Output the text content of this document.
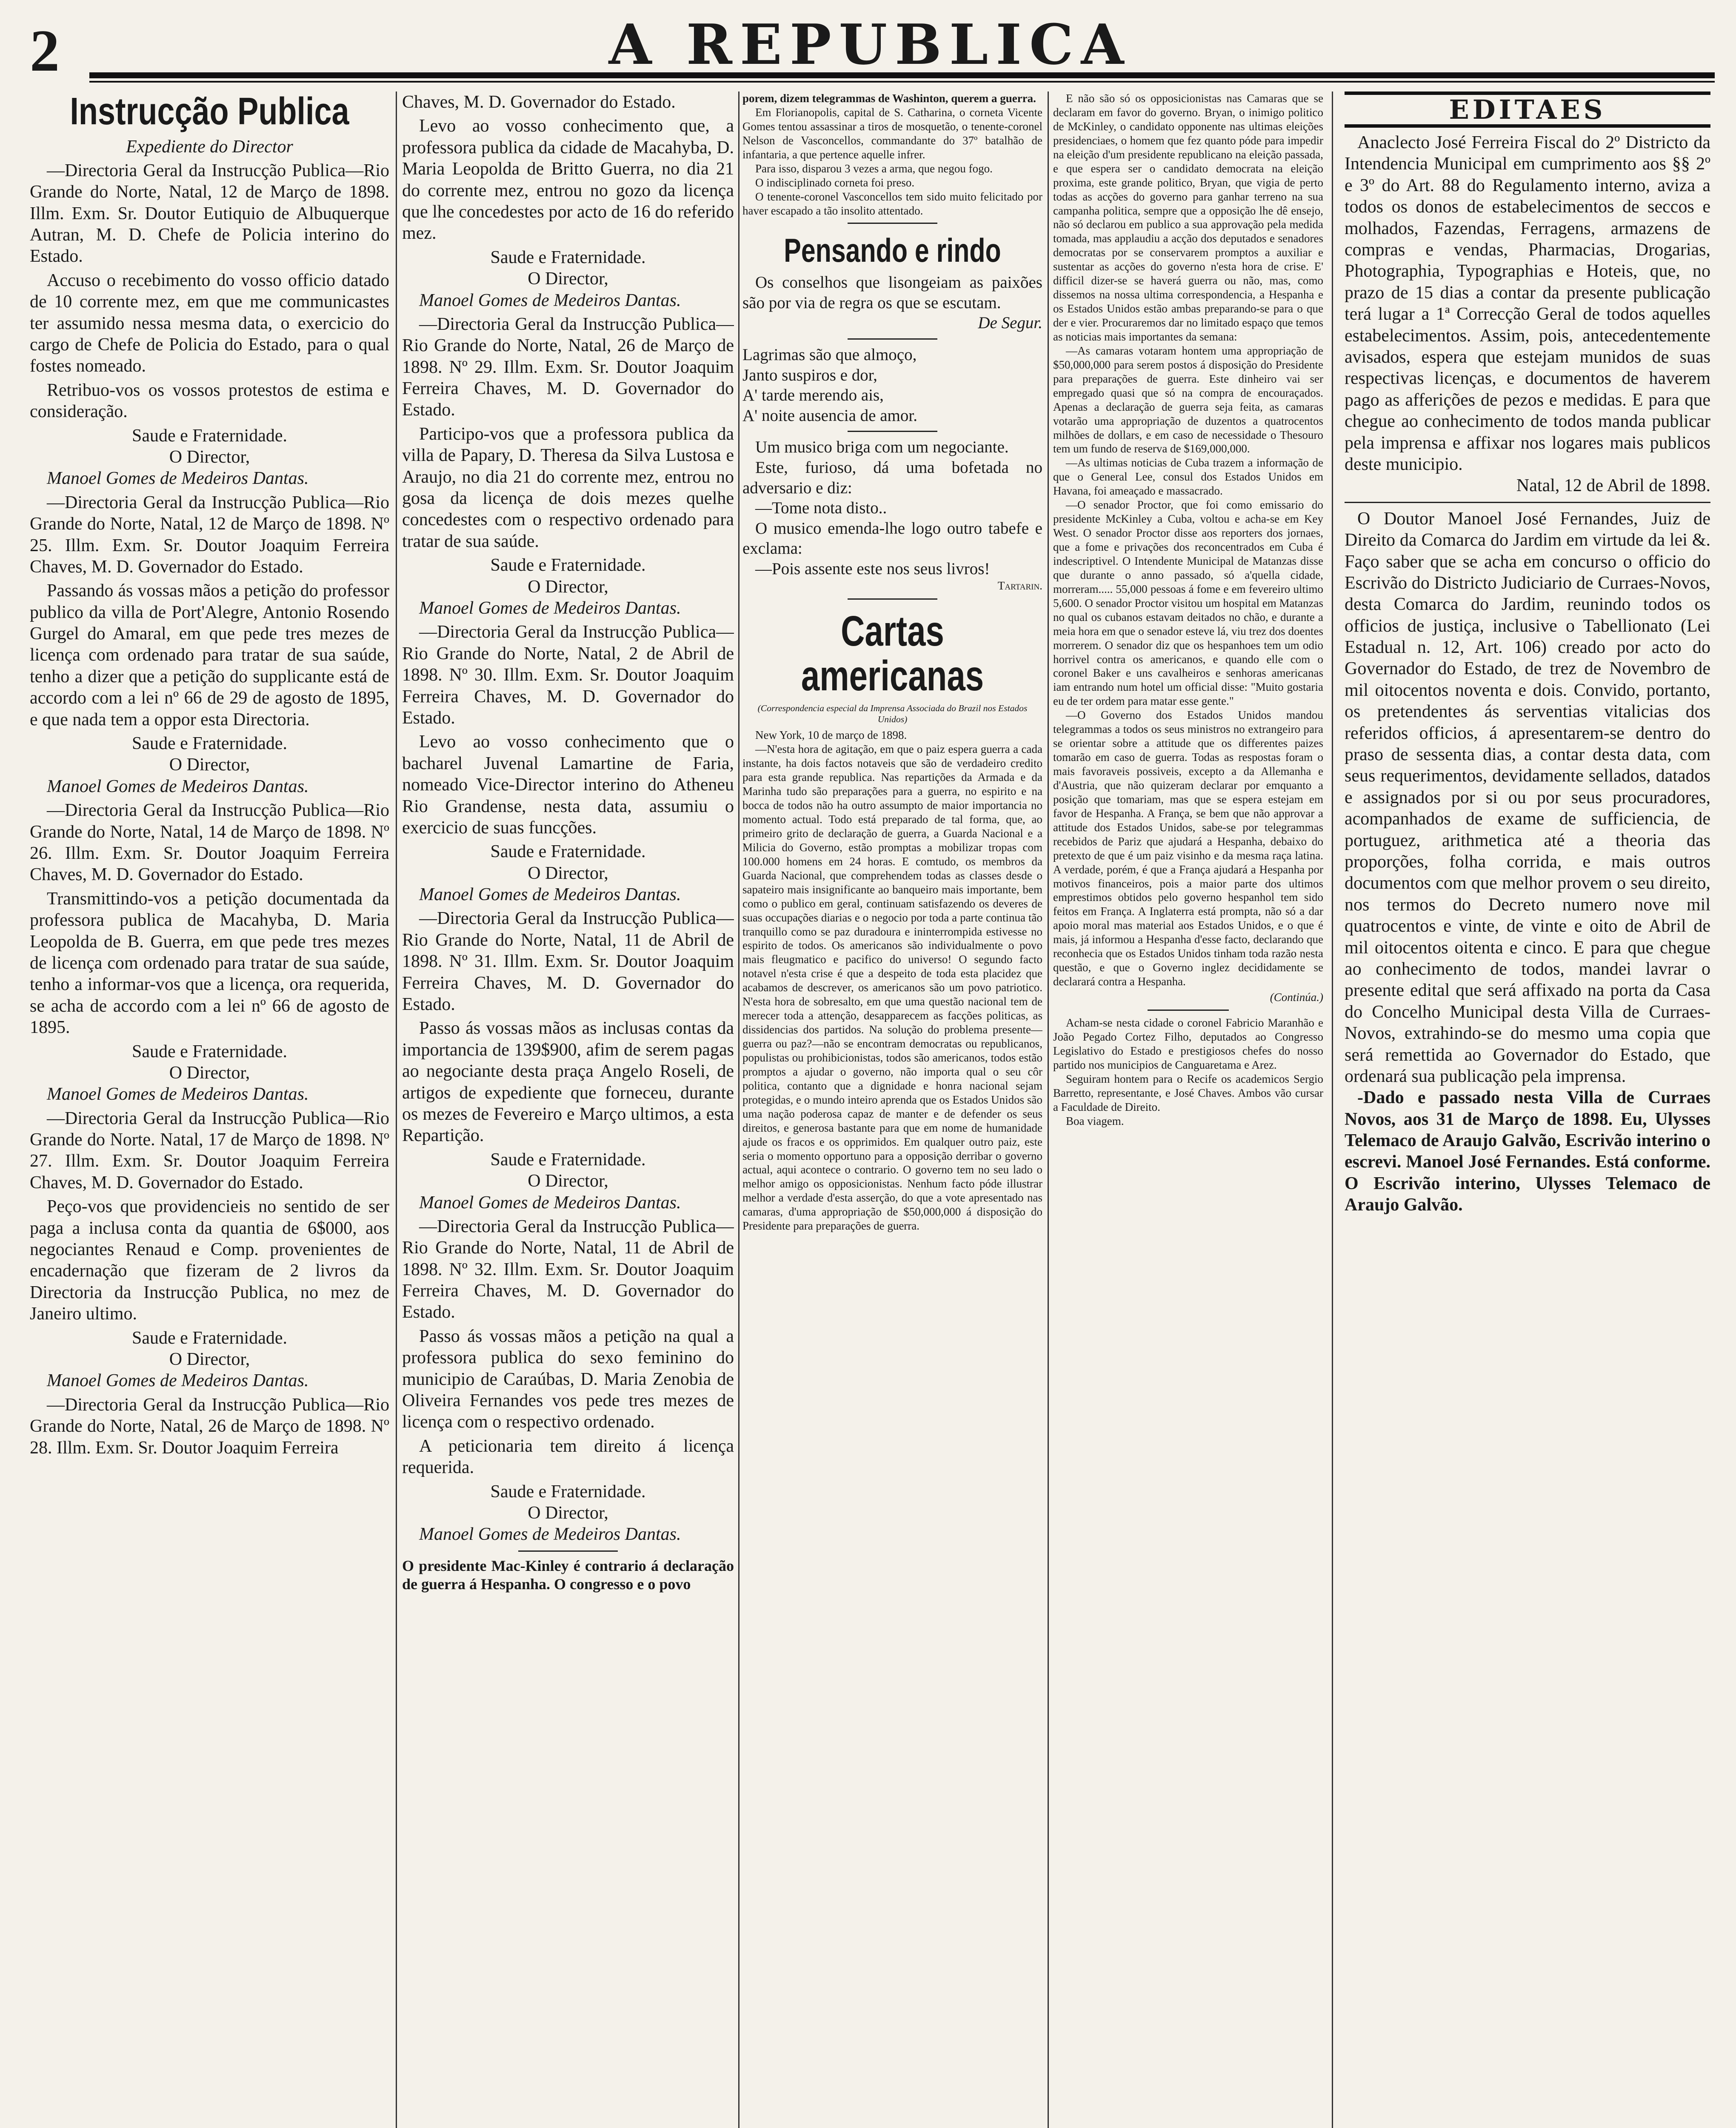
2	A REPUBLICA
Instrucção Publica

Expediente do Director

—Directoria Geral da Instrucção Publica—Rio Grande do Norte, Natal, 12 de Março de 1898. Illm. Exm. Sr. Doutor Eutiquio de Albuquerque Autran, M. D. Chefe de Policia interino do Estado.

Accuso o recebimento do vosso officio datado de 10 corrente mez, em que me communicastes ter assumido nessa mesma data, o exercicio do cargo de Chefe de Policia do Estado, para o qual fostes nomeado.

Retribuo-vos os vossos protestos de estima e consideração.

Saude e Fraternidade.

O Director,

Manoel Gomes de Medeiros Dantas.

—Directoria Geral da Instrucção Publica—Rio Grande do Norte, Natal, 12 de Março de 1898. Nº 25. Illm. Exm. Sr. Doutor Joaquim Ferreira Chaves, M. D. Governador do Estado.

Passando ás vossas mãos a petição do professor publico da villa de Port'Alegre, Antonio Rosendo Gurgel do Amaral, em que pede tres mezes de licença com ordenado para tratar de sua saúde, tenho a dizer que a petição do supplicante está de accordo com a lei nº 66 de 29 de agosto de 1895, e que nada tem a oppor esta Directoria.

Saude e Fraternidade.

O Director,

Manoel Gomes de Medeiros Dantas.

—Directoria Geral da Instrucção Publica—Rio Grande do Norte, Natal, 14 de Março de 1898. Nº 26. Illm. Exm. Sr. Doutor Joaquim Ferreira Chaves, M. D. Governador do Estado.

Transmittindo-vos a petição documentada da professora publica de Macahyba, D. Maria Leopolda de B. Guerra, em que pede tres mezes de licença com ordenado para tratar de sua saúde, tenho a informar-vos que a licença, ora requerida, se acha de accordo com a lei nº 66 de agosto de 1895.

Saude e Fraternidade.

O Director,

Manoel Gomes de Medeiros Dantas.

—Directoria Geral da Instrucção Publica—Rio Grande do Norte. Natal, 17 de Março de 1898. Nº 27. Illm. Exm. Sr. Doutor Joaquim Ferreira Chaves, M. D. Governador do Estado.

Peço-vos que providencieis no sentido de ser paga a inclusa conta da quantia de 6$000, aos negociantes Renaud e Comp. provenientes de encadernação que fizeram de 2 livros da Directoria da Instrucção Publica, no mez de Janeiro ultimo.

Saude e Fraternidade.

O Director,

Manoel Gomes de Medeiros Dantas.

—Directoria Geral da Instrucção Publica—Rio Grande do Norte, Natal, 26 de Março de 1898. Nº 28. Illm. Exm. Sr. Doutor Joaquim Ferreira

Chaves, M. D. Governador do Estado.

Levo ao vosso conhecimento que, a professora publica da cidade de Macahyba, D. Maria Leopolda de Britto Guerra, no dia 21 do corrente mez, entrou no gozo da licença que lhe concedestes por acto de 16 do referido mez.

Saude e Fraternidade.

O Director,

Manoel Gomes de Medeiros Dantas.

—Directoria Geral da Instrucção Publica—Rio Grande do Norte, Natal, 26 de Março de 1898. Nº 29. Illm. Exm. Sr. Doutor Joaquim Ferreira Chaves, M. D. Governador do Estado.

Participo-vos que a professora publica da villa de Papary, D. Theresa da Silva Lustosa e Araujo, no dia 21 do corrente mez, entrou no gosa da licença de dois mezes quelhe concedestes com o respectivo ordenado para tratar de sua saúde.

Saude e Fraternidade.

O Director,

Manoel Gomes de Medeiros Dantas.

—Directoria Geral da Instrucção Publica—Rio Grande do Norte, Natal, 2 de Abril de 1898. Nº 30. Illm. Exm. Sr. Doutor Joaquim Ferreira Chaves, M. D. Governador do Estado.

Levo ao vosso conhecimento que o bacharel Juvenal Lamartine de Faria, nomeado Vice-Director interino do Atheneu Rio Grandense, nesta data, assumiu o exercicio de suas funcções.

Saude e Fraternidade.

O Director,

Manoel Gomes de Medeiros Dantas.

—Directoria Geral da Instrucção Publica—Rio Grande do Norte, Natal, 11 de Abril de 1898. Nº 31. Illm. Exm. Sr. Doutor Joaquim Ferreira Chaves, M. D. Governador do Estado.

Passo ás vossas mãos as inclusas contas da importancia de 139$900, afim de serem pagas ao negociante desta praça Angelo Roseli, de artigos de expediente que forneceu, durante os mezes de Fevereiro e Março ultimos, a esta Repartição.

Saude e Fraternidade.

O Director,

Manoel Gomes de Medeiros Dantas.

—Directoria Geral da Instrucção Publica—Rio Grande do Norte, Natal, 11 de Abril de 1898. Nº 32. Illm. Exm. Sr. Doutor Joaquim Ferreira Chaves, M. D. Governador do Estado.

Passo ás vossas mãos a petição na qual a professora publica do sexo feminino do municipio de Caraúbas, D. Maria Zenobia de Oliveira Fernandes vos pede tres mezes de licença com o respectivo ordenado.

A peticionaria tem direito á licença requerida.

Saude e Fraternidade.

O Director,

Manoel Gomes de Medeiros Dantas.

O presidente Mac-Kinley é contrario á declaração de guerra á Hespanha. O congresso e o povo

porem, dizem telegrammas de Washinton, querem a guerra.

Em Florianopolis, capital de S. Catharina, o corneta Vicente Gomes tentou assassinar a tiros de mosquetão, o tenente-coronel Nelson de Vasconcellos, commandante do 37º batalhão de infantaria, a que pertence aquelle infrer.

Para isso, disparou 3 vezes a arma, que negou fogo.

O indisciplinado corneta foi preso.

O tenente-coronel Vasconcellos tem sido muito felicitado por haver escapado a tão insolito attentado.

Pensando e rindo

Os conselhos que lisongeiam as paixões são por via de regra os que se escutam.

De Segur.

Lagrimas são que almoço,

Janto suspiros e dor,

A' tarde merendo ais,

A' noite ausencia de amor.

Um musico briga com um negociante.

Este, furioso, dá uma bofetada no adversario e diz:

—Tome nota disto..

O musico emenda-lhe logo outro tabefe e exclama:

—Pois assente este nos seus livros!

Tartarin.

Cartas americanas

(Correspondencia especial da Imprensa Associada do Brazil nos Estados Unidos)

New York, 10 de março de 1898.

—N'esta hora de agitação, em que o paiz espera guerra a cada instante, ha dois factos notaveis que são de verdadeiro credito para esta grande republica. Nas repartições da Armada e da Marinha tudo são preparações para a guerra, no espirito e na bocca de todos não ha outro assumpto de maior importancia no momento actual. Todo está preparado de tal forma, que, ao primeiro grito de declaração de guerra, a Guarda Nacional e a Milicia do Governo, estão promptas a mobilizar tropas com 100.000 homens em 24 horas. E comtudo, os membros da Guarda Nacional, que comprehendem todas as classes desde o sapateiro mais insignificante ao banqueiro mais importante, bem como o publico em geral, continuam satisfazendo os deveres de suas occupações diarias e o negocio por toda a parte continua tão tranquillo como se paz duradoura e ininterrompida estivesse no espirito de todos. Os americanos são individualmente o povo mais fleugmatico e pacifico do universo! O segundo facto notavel n'esta crise é que a despeito de toda esta placidez que acabamos de descrever, os americanos são um povo patriotico. N'esta hora de sobresalto, em que uma questão nacional tem de merecer toda a attenção, desapparecem as facções politicas, as dissidencias dos partidos. Na solução do problema presente—guerra ou paz?—não se encontram democratas ou republicanos, populistas ou prohibicionistas, todos são americanos, todos estão promptos a ajudar o governo, não importa qual o seu côr politica, contanto que a dignidade e honra nacional sejam protegidas, e o mundo inteiro aprenda que os Estados Unidos são uma nação poderosa capaz de manter e de defender os seus direitos, e generosa bastante para que em nome de humanidade ajude os fracos e os opprimidos. Em qualquer outro paiz, este seria o momento opportuno para a opposição derribar o governo actual, aqui acontece o contrario. O governo tem no seu lado o melhor amigo os opposicionistas. Nenhum facto póde illustrar melhor a verdade d'esta asserção, do que a vote apresentado nas camaras, d'uma appropriação de $50,000,000 á disposição do Presidente para preparações de guerra.

E não são só os opposicionistas nas Camaras que se declaram em favor do governo. Bryan, o inimigo politico de McKinley, o candidato opponente nas ultimas eleições presidenciaes, o homem que fez quanto póde para impedir na eleição d'um presidente republicano na eleição passada, e que espera ser o candidato democrata na eleição proxima, este grande politico, Bryan, que vigia de perto todas as acções do governo para ganhar terreno na sua campanha politica, sempre que a opposição lhe dê ensejo, não só declarou em publico a sua approvação pela medida tomada, mas applaudiu a acção dos deputados e senadores democratas por se conservarem promptos a auxiliar e sustentar as acções do governo n'esta hora de crise. E' difficil dizer-se se haverá guerra ou não, mas, como dissemos na nossa ultima correspondencia, a Hespanha e os Estados Unidos estão ambas preparando-se para o que der e vier. Procuraremos dar no limitado espaço que temos as noticias mais importantes da semana:

—As camaras votaram hontem uma appropriação de $50,000,000 para serem postos á disposição do Presidente para preparações de guerra. Este dinheiro vai ser empregado quasi que só na compra de encouraçados. Apenas a declaração de guerra seja feita, as camaras votarão uma appropriação de duzentos a quatrocentos milhões de dollars, e em caso de necessidade o Thesouro tem um fundo de reserva de $169,000,000.

—As ultimas noticias de Cuba trazem a informação de que o General Lee, consul dos Estados Unidos em Havana, foi ameaçado e massacrado.

—O senador Proctor, que foi como emissario do presidente McKinley a Cuba, voltou e acha-se em Key West. O senador Proctor disse aos reporters dos jornaes, que a fome e privações dos reconcentrados em Cuba é indescriptivel. O Intendente Municipal de Matanzas disse que durante o anno passado, só a'quella cidade, morreram..... 55,000 pessoas á fome e em fevereiro ultimo 5,600. O senador Proctor visitou um hospital em Matanzas no qual os cubanos estavam deitados no chão, e durante a meia hora em que o senador esteve lá, viu trez dos doentes morrerem. O senador diz que os hespanhoes tem um odio horrivel contra os americanos, e quando elle com o coronel Baker e uns cavalheiros e senhoras americanas iam entrando num hotel um official disse: "Muito gostaria eu de ter ordem para matar esse gente."

—O Governo dos Estados Unidos mandou telegrammas a todos os seus ministros no extrangeiro para se orientar sobre a attitude que os differentes paizes tomarão em caso de guerra. Todas as respostas foram o mais favoraveis possiveis, excepto a da Allemanha e d'Austria, que não quizeram declarar por emquanto a posição que tomariam, mas que se espera estejam em favor de Hespanha. A França, se bem que não approvar a attitude dos Estados Unidos, sabe-se por telegrammas recebidos de Pariz que ajudará a Hespanha, debaixo do pretexto de que é um paiz visinho e da mesma raça latina. A verdade, porém, é que a França ajudará a Hespanha por motivos financeiros, pois a maior parte dos ultimos emprestimos obtidos pelo governo hespanhol tem sido feitos em França. A Inglaterra está prompta, não só a dar apoio moral mas material aos Estados Unidos, e o que é mais, já informou a Hespanha d'esse facto, declarando que reconhecia que os Estados Unidos tinham toda razão nesta questão, e que o Governo inglez decididamente se declarará contra a Hespanha.

(Continúa.)

Acham-se nesta cidade o coronel Fabricio Maranhão e João Pegado Cortez Filho, deputados ao Congresso Legislativo do Estado e prestigiosos chefes do nosso partido nos municipios de Canguaretama e Arez.

Seguiram hontem para o Recife os academicos Sergio Barretto, representante, e José Chaves. Ambos vão cursar a Faculdade de Direito.

Boa viagem.

EDITAES

Anaclecto José Ferreira Fiscal do 2º Districto da Intendencia Municipal em cumprimento aos §§ 2º e 3º do Art. 88 do Regulamento interno, aviza a todos os donos de estabelecimentos de seccos e molhados, Fazendas, Ferragens, armazens de compras e vendas, Pharmacias, Drogarias, Photographia, Typographias e Hoteis, que, no prazo de 15 dias a contar da presente publicação terá lugar a 1ª Correcção Geral de todos aquelles estabelecimentos. Assim, pois, antecedentemente avisados, espera que estejam munidos de suas respectivas licenças, e documentos de haverem pago as afferições de pezos e medidas. E para que chegue ao conhecimento de todos manda publicar pela imprensa e affixar nos logares mais publicos deste municipio.

Natal, 12 de Abril de 1898.

O Doutor Manoel José Fernandes, Juiz de Direito da Comarca do Jardim em virtude da lei &. Faço saber que se acha em concurso o officio do Escrivão do Districto Judiciario de Curraes-Novos, desta Comarca do Jardim, reunindo todos os officios de justiça, inclusive o Tabellionato (Lei Estadual n. 12, Art. 106) creado por acto do Governador do Estado, de trez de Novembro de mil oitocentos noventa e dois. Convido, portanto, os pretendentes ás serventias vitalicias dos referidos officios, á apresentarem-se dentro do praso de sessenta dias, a contar desta data, com seus requerimentos, devidamente sellados, datados e assignados por si ou por seus procuradores, acompanhados de exame de sufficiencia, de portuguez, arithmetica até a theoria das proporções, folha corrida, e mais outros documentos com que melhor provem o seu direito, nos termos do Decreto numero nove mil quatrocentos e vinte, de vinte e oito de Abril de mil oitocentos oitenta e cinco. E para que chegue ao conhecimento de todos, mandei lavrar o presente edital que será affixado na porta da Casa do Concelho Municipal desta Villa de Curraes-Novos, extrahindo-se do mesmo uma copia que será remettida ao Governador do Estado, que ordenará sua publicação pela imprensa.

-Dado e passado nesta Villa de Curraes Novos, aos 31 de Março de 1898. Eu, Ulysses Telemaco de Araujo Galvão, Escrivão interino o escrevi. Manoel José Fernandes. Está conforme. O Escrivão interino, Ulysses Telemaco de Araujo Galvão.
